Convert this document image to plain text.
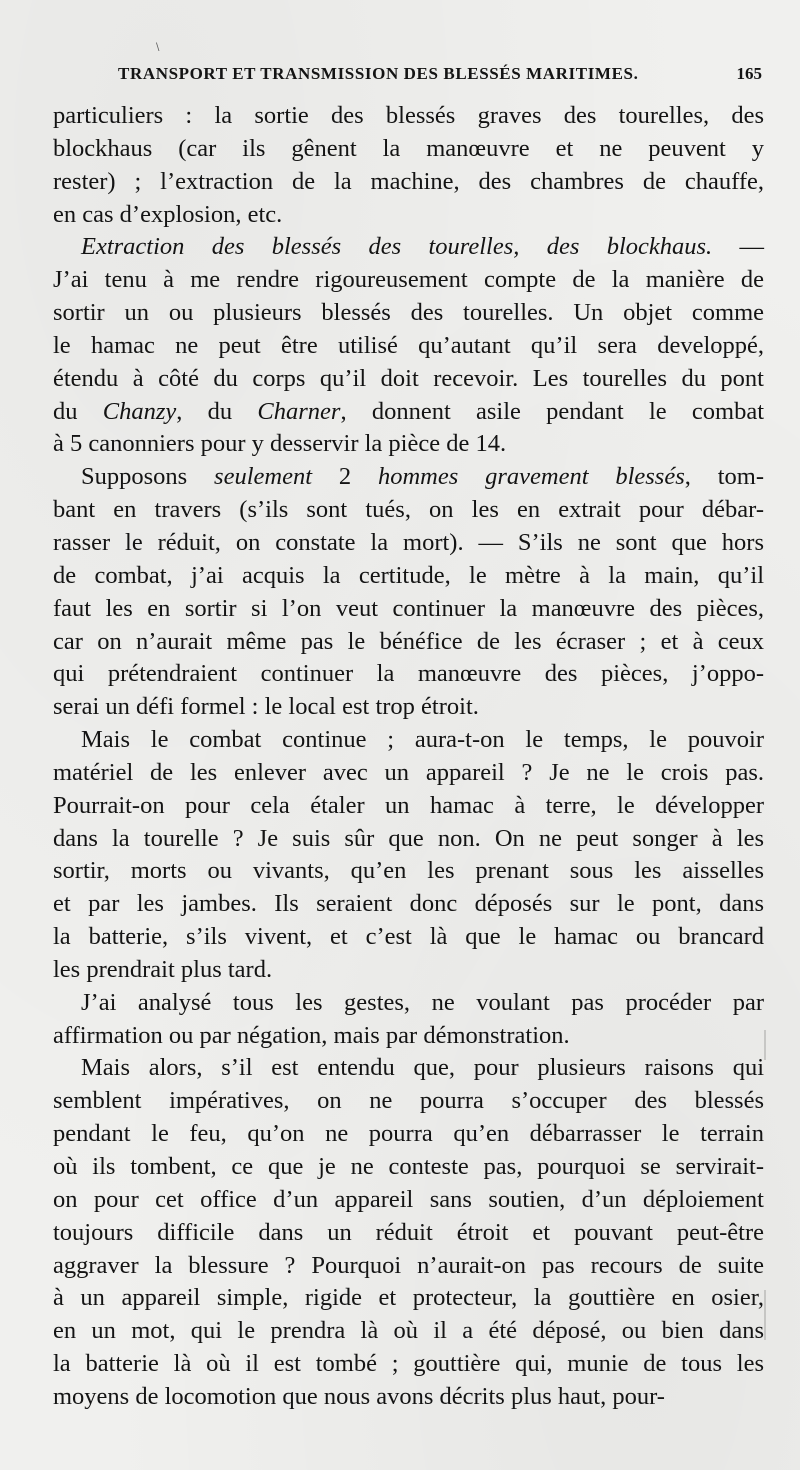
\
TRANSPORT ET TRANSMISSION DES BLESSÉS MARITIMES.	165
particuliers : la sortie des blessés graves des tourelles, des
blockhaus (car ils gênent la manœuvre et ne peuvent y
rester) ; l’extraction de la machine, des chambres de chauffe,
en cas d’explosion, etc.
Extraction des blessés des tourelles, des blockhaus. —
J’ai tenu à me rendre rigoureusement compte de la manière de
sortir un ou plusieurs blessés des tourelles. Un objet comme
le hamac ne peut être utilisé qu’autant qu’il sera developpé,
étendu à côté du corps qu’il doit recevoir. Les tourelles du pont
du Chanzy, du Charner, donnent asile pendant le combat
à 5 canonniers pour y desservir la pièce de 14.
Supposons seulement 2 hommes gravement blessés, tom-
bant en travers (s’ils sont tués, on les en extrait pour débar-
rasser le réduit, on constate la mort). — S’ils ne sont que hors
de combat, j’ai acquis la certitude, le mètre à la main, qu’il
faut les en sortir si l’on veut continuer la manœuvre des pièces,
car on n’aurait même pas le bénéfice de les écraser ; et à ceux
qui prétendraient continuer la manœuvre des pièces, j’oppo-
serai un défi formel : le local est trop étroit.
Mais le combat continue ; aura-t-on le temps, le pouvoir
matériel de les enlever avec un appareil ? Je ne le crois pas.
Pourrait-on pour cela étaler un hamac à terre, le développer
dans la tourelle ? Je suis sûr que non. On ne peut songer à les
sortir, morts ou vivants, qu’en les prenant sous les aisselles
et par les jambes. Ils seraient donc déposés sur le pont, dans
la batterie, s’ils vivent, et c’est là que le hamac ou brancard
les prendrait plus tard.
J’ai analysé tous les gestes, ne voulant pas procéder par
affirmation ou par négation, mais par démonstration.
Mais alors, s’il est entendu que, pour plusieurs raisons qui
semblent impératives, on ne pourra s’occuper des blessés
pendant le feu, qu’on ne pourra qu’en débarrasser le terrain
où ils tombent, ce que je ne conteste pas, pourquoi se servirait-
on pour cet office d’un appareil sans soutien, d’un déploiement
toujours difficile dans un réduit étroit et pouvant peut-être
aggraver la blessure ? Pourquoi n’aurait-on pas recours de suite
à un appareil simple, rigide et protecteur, la gouttière en osier,
en un mot, qui le prendra là où il a été déposé, ou bien dans
la batterie là où il est tombé ; gouttière qui, munie de tous les
moyens de locomotion que nous avons décrits plus haut, pour-
